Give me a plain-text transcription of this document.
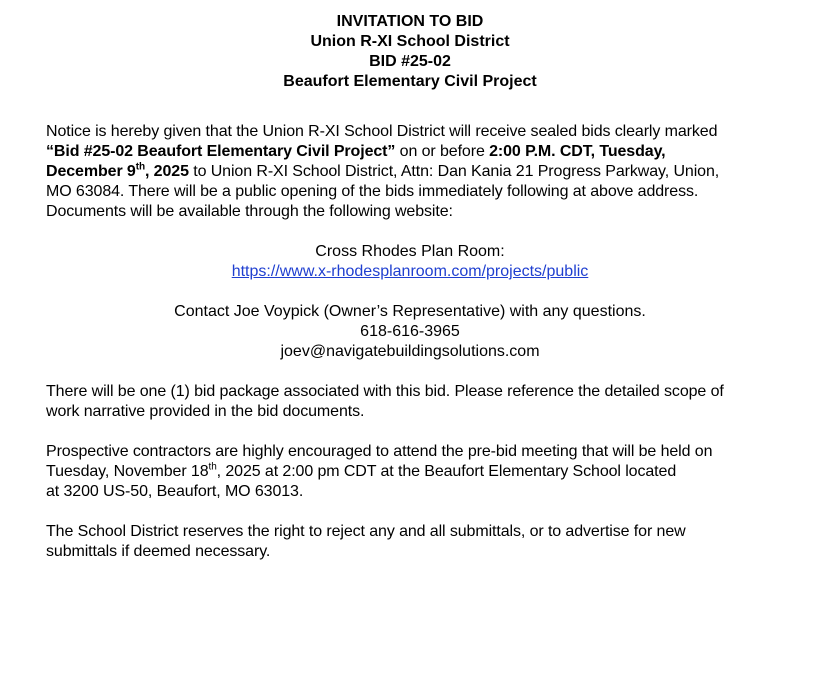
INVITATION TO BID
Union R-XI School District
BID #25-02
Beaufort Elementary Civil Project

Notice is hereby given that the Union R-XI School District will receive sealed bids clearly marked
“Bid #25-02 Beaufort Elementary Civil Project” on or before 2:00 P.M. CDT, Tuesday,
December 9th, 2025 to Union R-XI School District, Attn: Dan Kania 21 Progress Parkway, Union,
MO 63084. There will be a public opening of the bids immediately following at above address.
Documents will be available through the following website:

Cross Rhodes Plan Room:
https://www.x-rhodesplanroom.com/projects/public
Contact Joe Voypick (Owner’s Representative) with any questions.
618-616-3965
joev@navigatebuildingsolutions.com

There will be one (1) bid package associated with this bid. Please reference the detailed scope of
work narrative provided in the bid documents.

Prospective contractors are highly encouraged to attend the pre-bid meeting that will be held on
Tuesday, November 18th, 2025 at 2:00 pm CDT at the Beaufort Elementary School located
at 3200 US-50, Beaufort, MO 63013.

The School District reserves the right to reject any and all submittals, or to advertise for new
submittals if deemed necessary.
